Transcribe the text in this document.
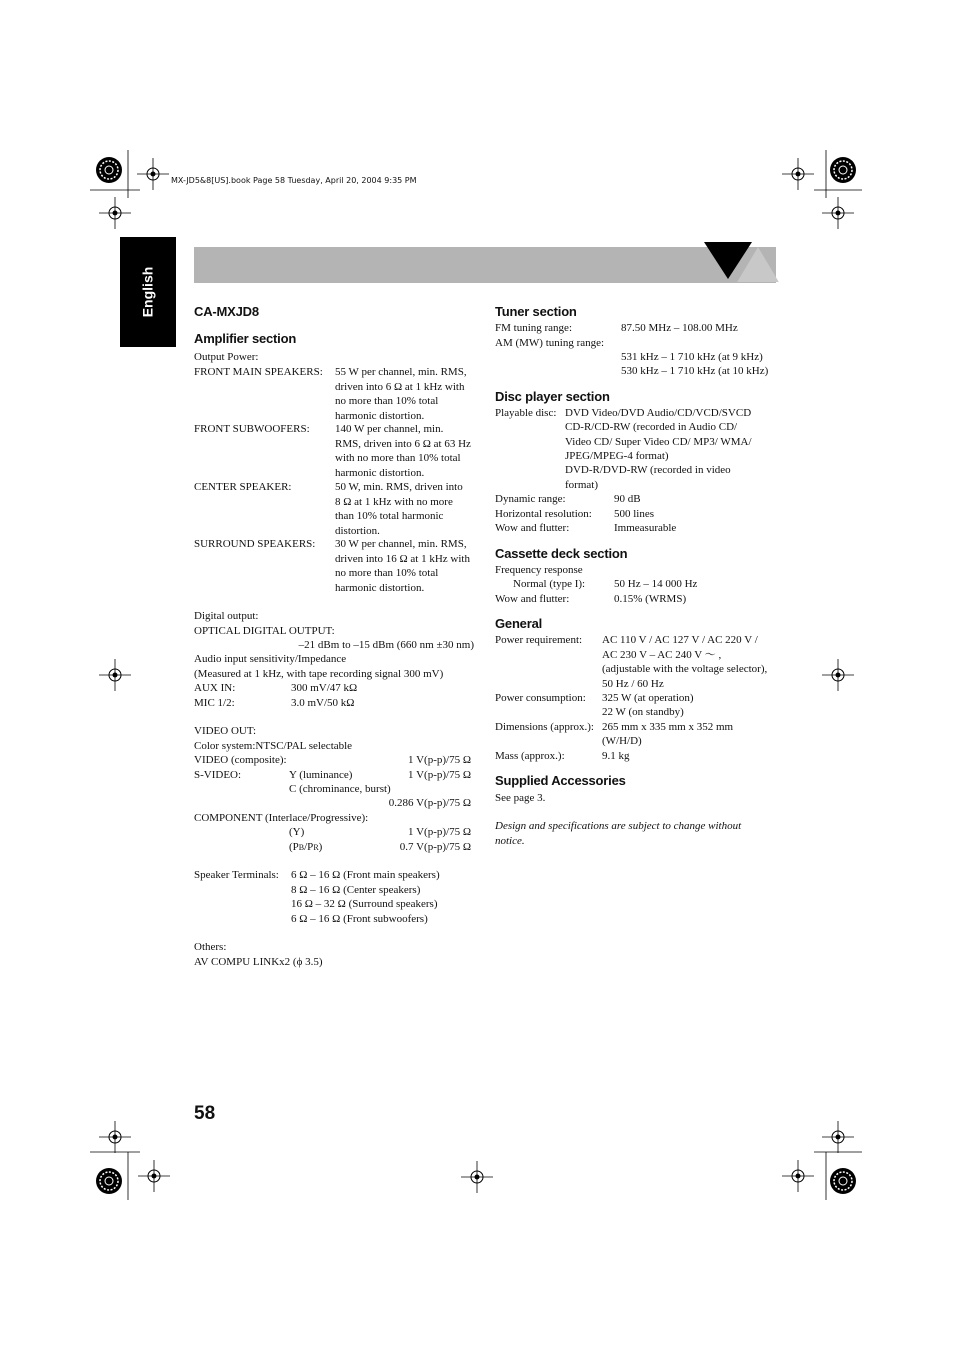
MX-JD5&8[US].book Page 58 Tuesday, April 20, 2004 9:35 PM
English	CA-MXJD8
Amplifier section
Output Power:
FRONT MAIN SPEAKERS: 55 W per channel, min. RMS,
driven into 6 Ω at 1 kHz with
no more than 10% total
harmonic distortion.
FRONT SUBWOOFERS: 140 W per channel, min.
RMS, driven into 6 Ω at 63 Hz
with no more than 10% total
harmonic distortion.
CENTER SPEAKER:	50 W, min. RMS, driven into
8 Ω at 1 kHz with no more
than 10% total harmonic
distortion.
SURROUND SPEAKERS: 30 W per channel, min. RMS,
driven into 16 Ω at 1 kHz with
no more than 10% total
harmonic distortion.
Digital output:
OPTICAL DIGITAL OUTPUT:
–21 dBm to –15 dBm (660 nm ±30 nm)
Audio input sensitivity/Impedance
(Measured at 1 kHz, with tape recording signal 300 mV)
AUX IN:	300 mV/47 kΩ
MIC 1/2:	3.0 mV/50 kΩ
VIDEO OUT:
Color system:NTSC/PAL selectable
VIDEO (composite):	1 V(p-p)/75 Ω
S-VIDEO:	Y (luminance)	1 V(p-p)/75 Ω
C (chrominance, burst)
0.286 V(p-p)/75 Ω
COMPONENT (Interlace/Progressive):
(Y)	1 V(p-p)/75 Ω
(PB/PR)	0.7 V(p-p)/75 Ω
Speaker Terminals: 6 Ω – 16 Ω (Front main speakers)
8 Ω – 16 Ω (Center speakers)
16 Ω – 32 Ω (Surround speakers)
6 Ω – 16 Ω (Front subwoofers)
Others:
AV COMPU LINKx2 (ϕ 3.5)
Tuner section
FM tuning range:	87.50 MHz – 108.00 MHz
AM (MW) tuning range:
531 kHz – 1 710 kHz (at 9 kHz)
530 kHz – 1 710 kHz (at 10 kHz)
Disc player section
Playable disc: DVD Video/DVD Audio/CD/VCD/SVCD
CD-R/CD-RW (recorded in Audio CD/
Video CD/ Super Video CD/ MP3/ WMA/
JPEG/MPEG-4 format)
DVD-R/DVD-RW (recorded in video
format)
Dynamic range:	90 dB
Horizontal resolution: 500 lines
Wow and flutter:	Immeasurable
Cassette deck section
Frequency response
Normal (type I):	50 Hz – 14 000 Hz
Wow and flutter:	0.15% (WRMS)
General
Power requirement: AC 110 V / AC 127 V / AC 220 V /
AC 230 V – AC 240 V ～ ,
(adjustable with the voltage selector),
50 Hz / 60 Hz
Power consumption: 325 W (at operation)
22 W (on standby)
Dimensions (approx.): 265 mm x 335 mm x 352 mm
(W/H/D)
Mass (approx.):	9.1 kg
Supplied Accessories
See page 3.
Design and specifications are subject to change without
notice.
58
